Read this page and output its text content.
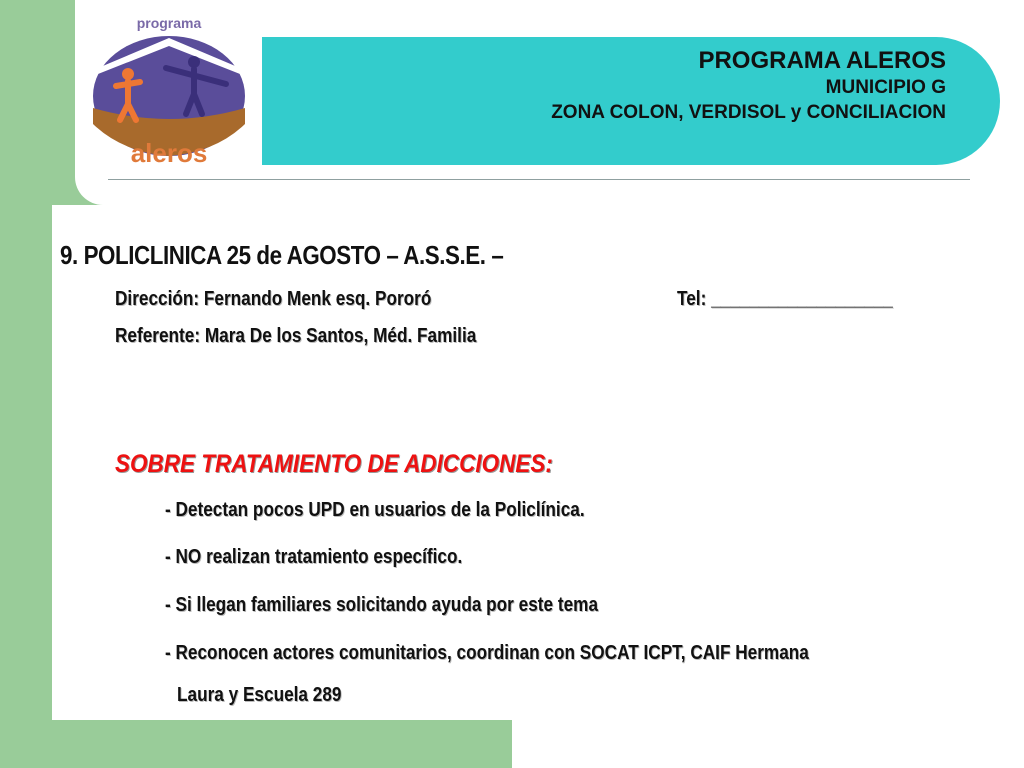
PROGRAMA ALEROS
MUNICIPIO G
ZONA COLON, VERDISOL y CONCILIACION
programa
aleros
9. POLICLINICA 25 de AGOSTO – A.S.S.E. –
Dirección: Fernando Menk esq. Pororó	Tel: ___________________
Referente: Mara De los Santos, Méd. Familia
SOBRE TRATAMIENTO DE ADICCIONES:
- Detectan pocos UPD en usuarios de la Policlínica.
- NO realizan tratamiento específico.
- Si llegan familiares solicitando ayuda por este tema
- Reconocen actores comunitarios, coordinan con SOCAT ICPT, CAIF Hermana
Laura y Escuela 289
